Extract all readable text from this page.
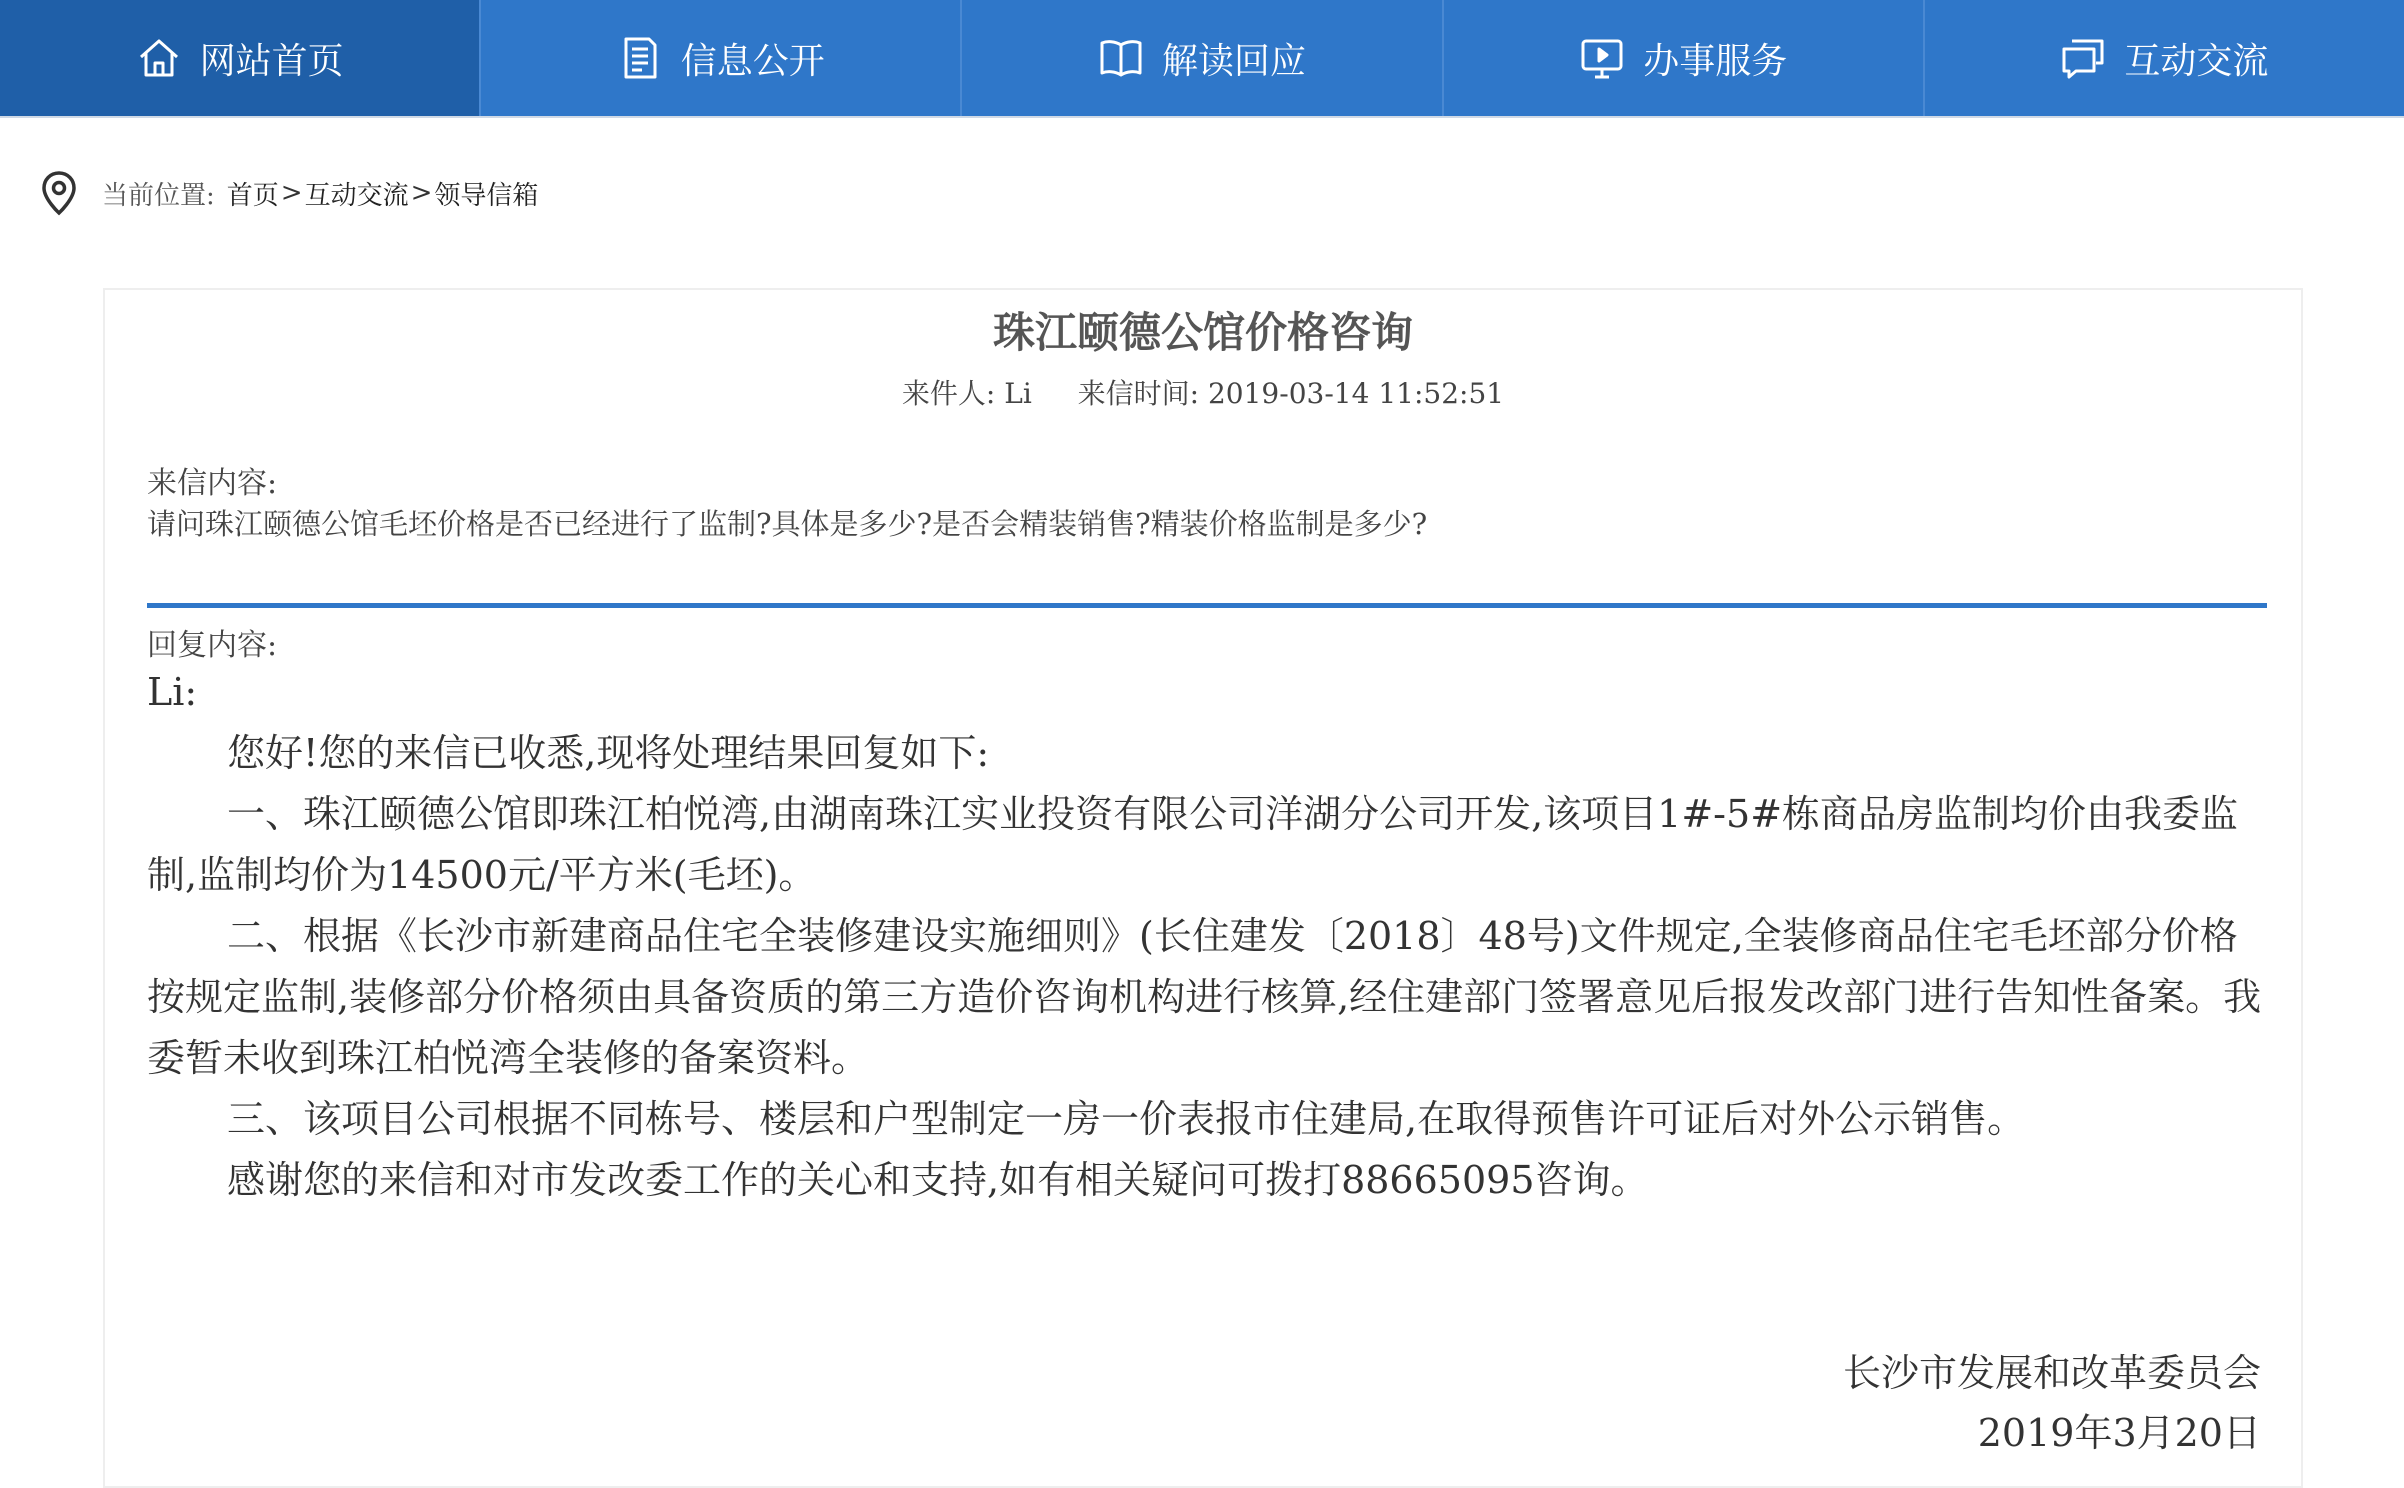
网站首页	信息公开	解读回应	办事服务	互动交流
当前位置: 首页 > 互动交流 > 领导信箱
珠江颐德公馆价格咨询
来件人: Li 来信时间: 2019-03-14 11:52:51
来信内容:
请问珠江颐德公馆毛坯价格是否已经进行了监制?具体是多少?是否会精装销售?精装价格监制是多少?
回复内容:

Li:

您好!您的来信已收悉,现将处理结果回复如下:

一、珠江颐德公馆即珠江柏悦湾,由湖南珠江实业投资有限公司洋湖分公司开发,该项目1#-5#栋商品房监制均价由我委监制,监制均价为14500元/平方米(毛坯)。

二、根据《长沙市新建商品住宅全装修建设实施细则》(长住建发〔2018〕48号)文件规定,全装修商品住宅毛坯部分价格按规定监制,装修部分价格须由具备资质的第三方造价咨询机构进行核算,经住建部门签署意见后报发改部门进行告知性备案。我委暂未收到珠江柏悦湾全装修的备案资料。

三、该项目公司根据不同栋号、楼层和户型制定一房一价表报市住建局,在取得预售许可证后对外公示销售。

感谢您的来信和对市发改委工作的关心和支持,如有相关疑问可拨打88665095咨询。

长沙市发展和改革委员会
2019年3月20日
